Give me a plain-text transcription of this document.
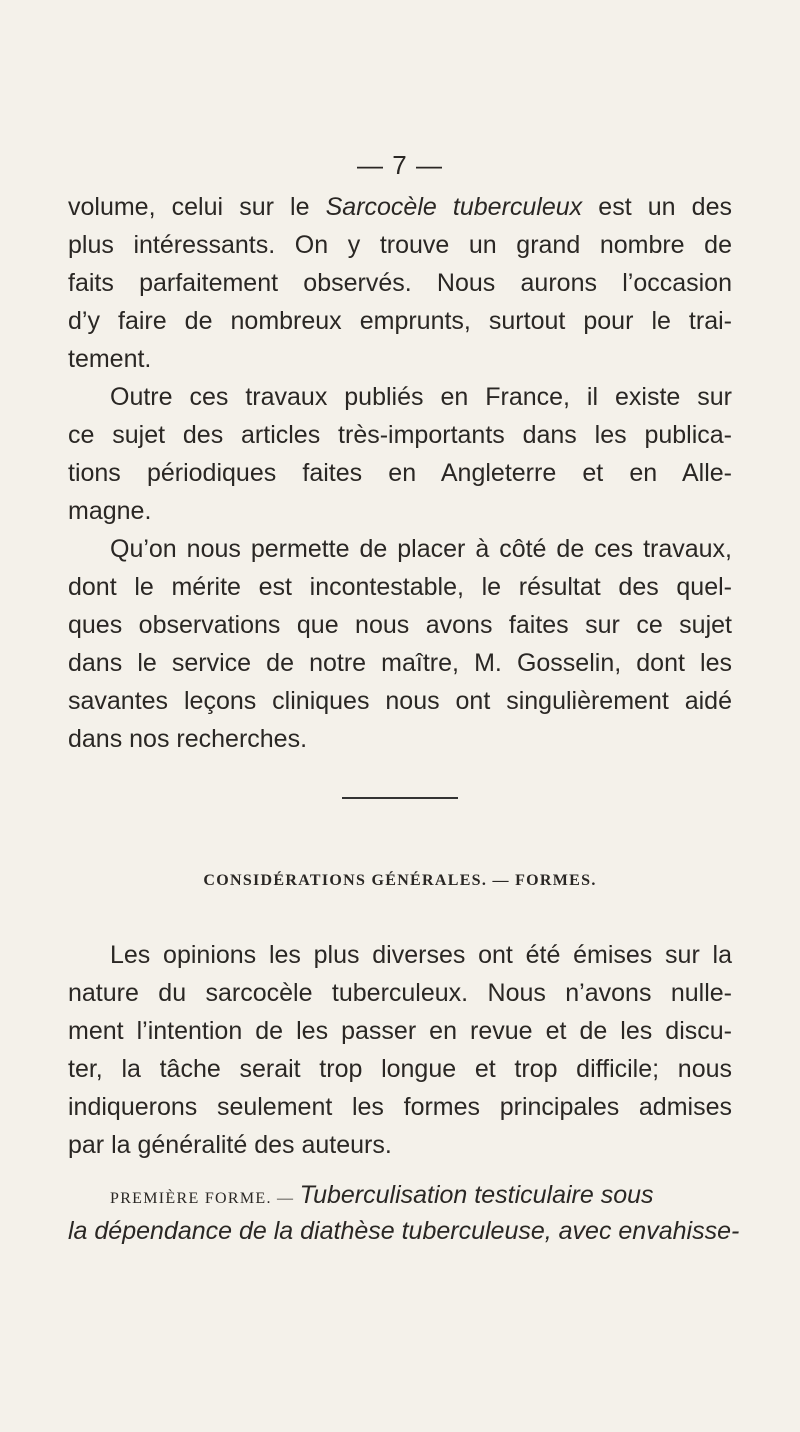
— 7 —
volume, celui sur le Sarcocèle tuberculeux est un des
plus intéressants. On y trouve un grand nombre de
faits parfaitement observés. Nous aurons l’occasion
d’y faire de nombreux emprunts, surtout pour le trai-
tement.
Outre ces travaux publiés en France, il existe sur
ce sujet des articles très-importants dans les publica-
tions périodiques faites en Angleterre et en Alle-
magne.
Qu’on nous permette de placer à côté de ces travaux,
dont le mérite est incontestable, le résultat des quel-
ques observations que nous avons faites sur ce sujet
dans le service de notre maître, M. Gosselin, dont les
savantes leçons cliniques nous ont singulièrement aidé
dans nos recherches.
CONSIDÉRATIONS GÉNÉRALES. — FORMES.
Les opinions les plus diverses ont été émises sur la
nature du sarcocèle tuberculeux. Nous n’avons nulle-
ment l’intention de les passer en revue et de les discu-
ter, la tâche serait trop longue et trop difficile; nous
indiquerons seulement les formes principales admises
par la généralité des auteurs.
PREMIÈRE FORME. — Tuberculisation testiculaire sous
la dépendance de la diathèse tuberculeuse, avec envahisse-
